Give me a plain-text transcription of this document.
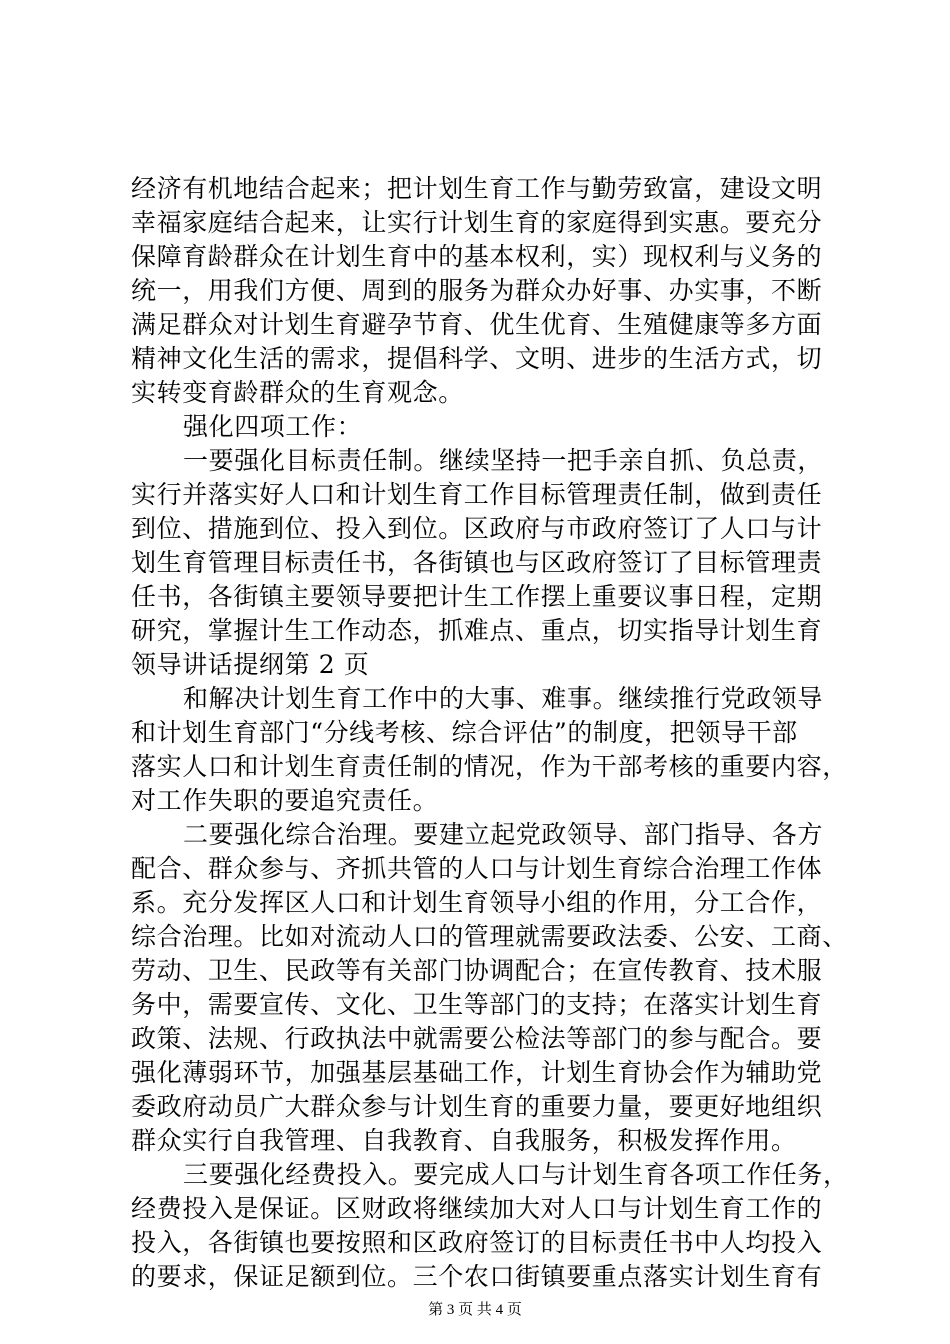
经济有机地结合起来；把计划生育工作与勤劳致富，建设文明
幸福家庭结合起来，让实行计划生育的家庭得到实惠。要充分
保障育龄群众在计划生育中的基本权利，实）现权利与义务的
统一，用我们方便、周到的服务为群众办好事、办实事，不断
满足群众对计划生育避孕节育、优生优育、生殖健康等多方面
精神文化生活的需求，提倡科学、文明、进步的生活方式，切
实转变育龄群众的生育观念。
强化四项工作：
一要强化目标责任制。继续坚持一把手亲自抓、负总责，
实行并落实好人口和计划生育工作目标管理责任制，做到责任
到位、措施到位、投入到位。区政府与市政府签订了人口与计
划生育管理目标责任书，各街镇也与区政府签订了目标管理责
任书，各街镇主要领导要把计生工作摆上重要议事日程，定期
研究，掌握计生工作动态，抓难点、重点，切实指导计划生育
领导讲话提纲第 2 页
和解决计划生育工作中的大事、难事。继续推行党政领导
和计划生育部门“分线考核、综合评估”的制度，把领导干部
落实人口和计划生育责任制的情况，作为干部考核的重要内容，
对工作失职的要追究责任。
二要强化综合治理。要建立起党政领导、部门指导、各方
配合、群众参与、齐抓共管的人口与计划生育综合治理工作体
系。充分发挥区人口和计划生育领导小组的作用，分工合作，
综合治理。比如对流动人口的管理就需要政法委、公安、工商、
劳动、卫生、民政等有关部门协调配合；在宣传教育、技术服
务中，需要宣传、文化、卫生等部门的支持；在落实计划生育
政策、法规、行政执法中就需要公检法等部门的参与配合。要
强化薄弱环节，加强基层基础工作，计划生育协会作为辅助党
委政府动员广大群众参与计划生育的重要力量，要更好地组织
群众实行自我管理、自我教育、自我服务，积极发挥作用。
三要强化经费投入。要完成人口与计划生育各项工作任务，
经费投入是保证。区财政将继续加大对人口与计划生育工作的
投入，各街镇也要按照和区政府签订的目标责任书中人均投入
的要求，保证足额到位。三个农口街镇要重点落实计划生育有
第 3 页 共 4 页
